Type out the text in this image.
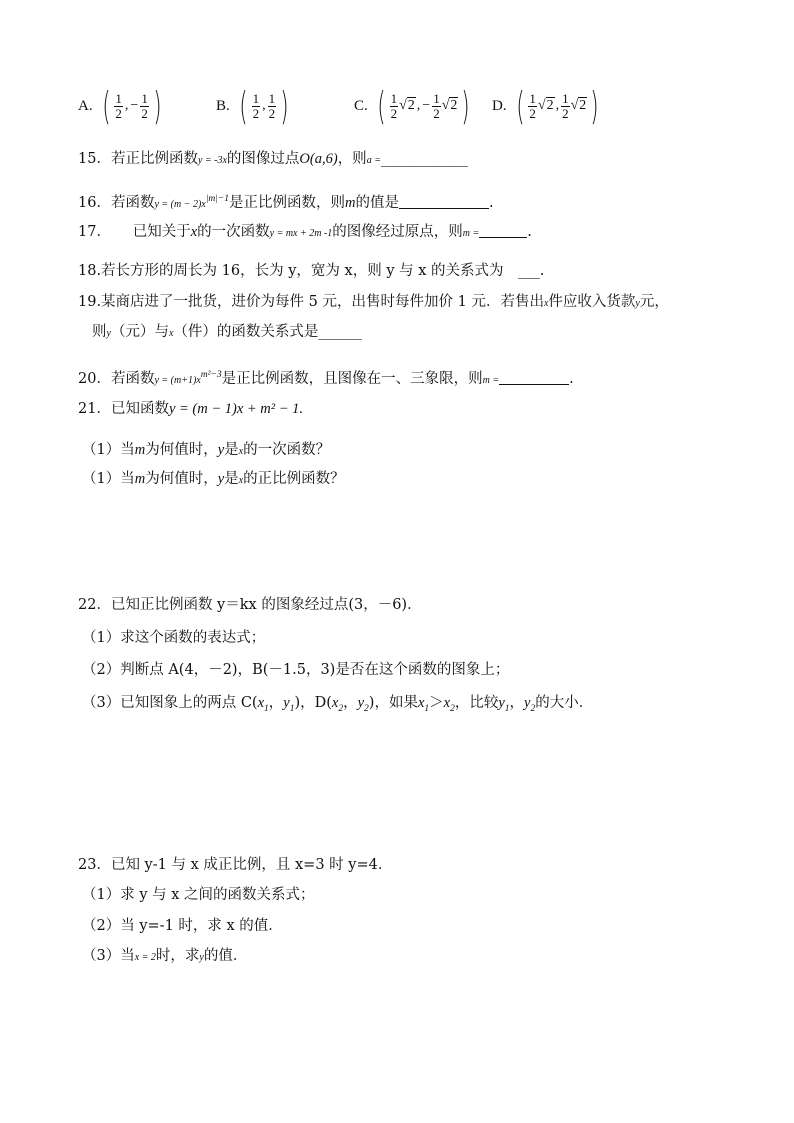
A. ( $\frac{1}{2}$ , − $\frac{1}{2}$ )	B. ( $\frac{1}{2}$ , $\frac{1}{2}$ )	C. ( $\frac{1}{2} √2$ , − $\frac{1}{2} √2$ ) D. ( $\frac{1}{2} √2$ , $\frac{1}{2} √2$ )
15．若正比例函数y = -3x的图像过点O(a,6)，则a =____________
16．若函数$y = (m - 2)x^{|m|-1}$是正比例函数，则m的值是	.
17．　　已知关于x的一次函数y = mx + 2m -1的图像经过原点，则m =	.
18.若长方形的周长为 16，长为 y，宽为 x，则 y 与 x 的关系式为　___.
19.某商店进了一批货，进价为每件 5 元，出售时每件加价 1 元．若售出x件应收入货款y元，
则y（元）与x（件）的函数关系式是______
20．若函数$y = (m+1)x^{m^2-3}$是正比例函数，且图像在一、三象限，则m =	.
21．已知函数y = (m − 1)x + m² − 1.
（1）当m为何值时，y是x的一次函数？
（1）当m为何值时，y是x的正比例函数？
22．已知正比例函数 y＝kx 的图象经过点(3，－6)．
（1）求这个函数的表达式；
（2）判断点 A(4，－2)，B(－1.5，3)是否在这个函数的图象上；
（3）已知图象上的两点 $C(x_1$，$y_1$)，$D(x_2$，$y_2$)，如果$x_1>x_2$，比较$y_1$，$y_2$的大小．
23．已知 y-1 与 x 成正比例，且 x=3 时 y=4．
（1）求 y 与 x 之间的函数关系式；
（2）当 y=-1 时，求 x 的值．
（3）当x = 2时，求y的值．
